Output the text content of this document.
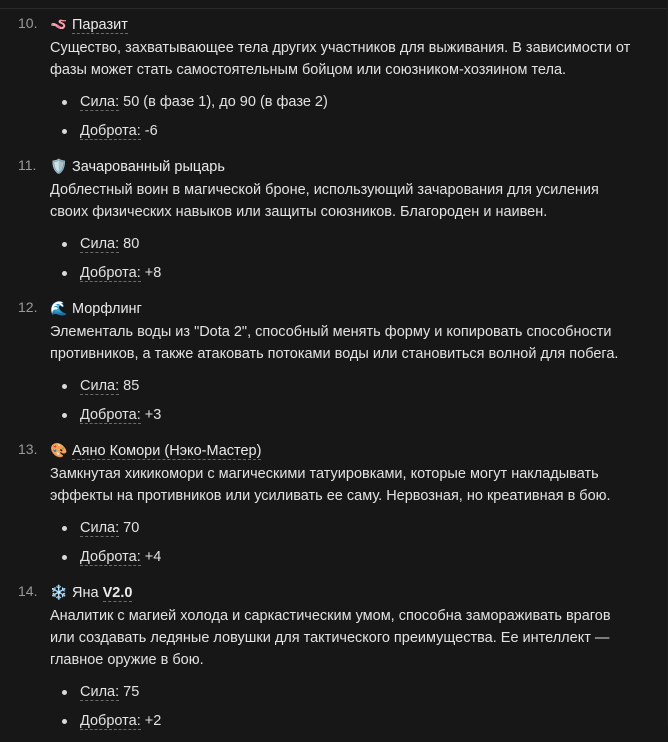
10. 🪱 Паразит

Существо, захватывающее тела других участников для выживания. В зависимости от фазы может стать самостоятельным бойцом или союзником-хозяином тела.

Сила: 50 (в фазе 1), до 90 (в фазе 2)
Доброта: -6
11. 🛡️ Зачарованный рыцарь

Доблестный воин в магической броне, использующий зачарования для усиления своих физических навыков или защиты союзников. Благороден и наивен.

Сила: 80
Доброта: +8
12. 🌊 Морфлинг

Элементаль воды из "Dota 2", способный менять форму и копировать способности противников, а также атаковать потоками воды или становиться волной для побега.

Сила: 85
Доброта: +3
13. 🎨 Аяно Комори (Нэко-Мастер)

Замкнутая хикикомори с магическими татуировками, которые могут накладывать эффекты на противников или усиливать ее саму. Нервозная, но креативная в бою.

Сила: 70
Доброта: +4
14. ❄️ Яна V2.0

Аналитик с магией холода и саркастическим умом, способна замораживать врагов или создавать ледяные ловушки для тактического преимущества. Ее интеллект — главное оружие в бою.

Сила: 75
Доброта: +2
